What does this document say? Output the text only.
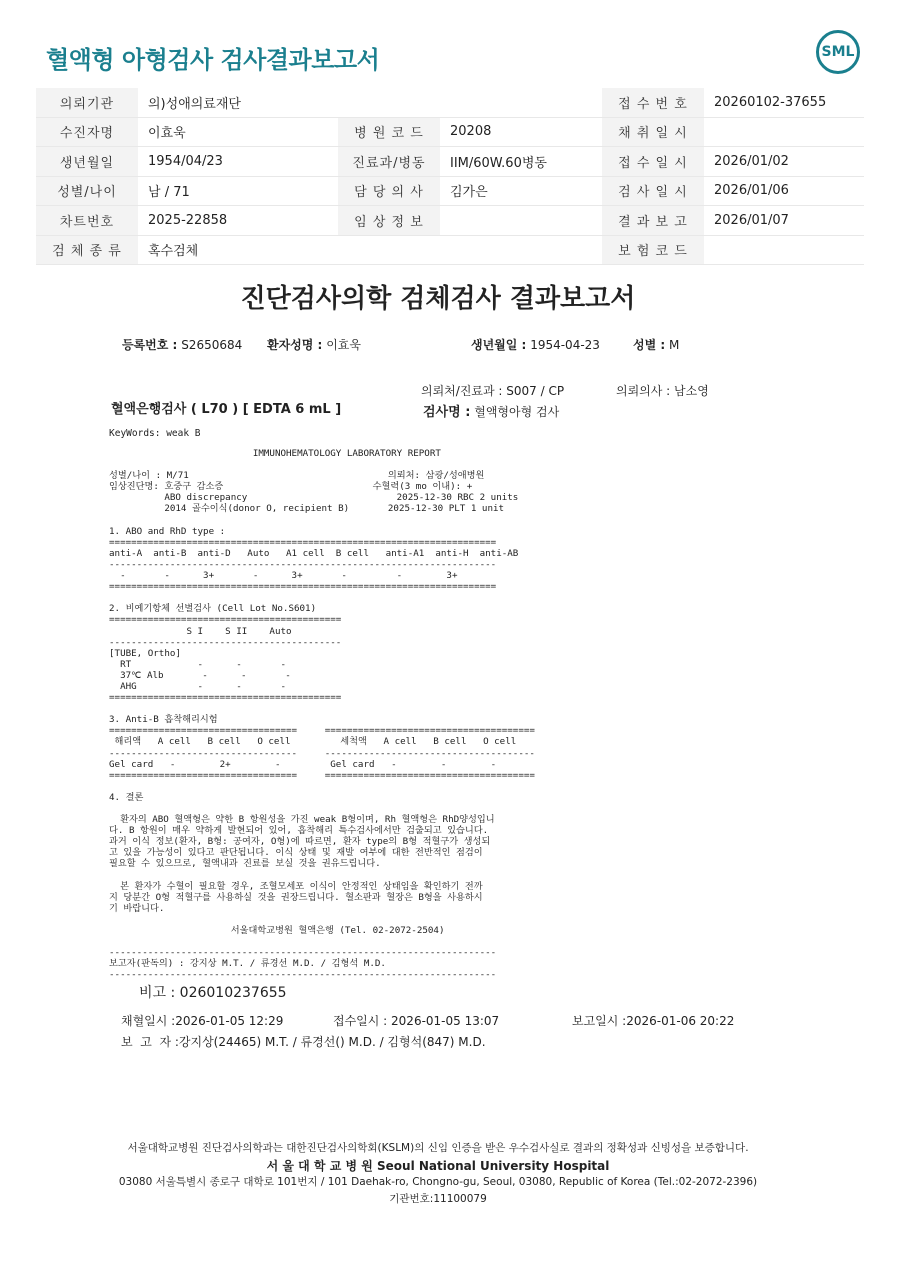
혈액형 아형검사 검사결과보고서	SML
의뢰기관	의)성애의료재단			접 수 번 호	20260102-37655
수진자명	이효욱	병 원 코 드	20208	채 취 일 시	
생년월일	1954/04/23	진료과/병동	IIM/60W.60병동	접 수 일 시	2026/01/02
성별/나이	남 / 71	담 당 의 사	김가은	검 사 일 시	2026/01/06
차트번호	2025-22858	임 상 정 보		결 과 보 고	2026/01/07
검 체 종 류	혹수검체			보 험 코 드	
진단검사의학 검체검사 결과보고서
등록번호 : S2650684 환자성명 : 이효욱	생년월일 : 1954-04-23	성별 : M
의뢰처/진료과 : S007 / CP	의뢰의사 : 남소영
혈액은행검사 ( L70 ) [ EDTA 6 mL ]	검사명 : 혈액형아형 검사
KeyWords: weak B
IMMUNOHEMATOLOGY LABORATORY REPORT
성별/나이 : M/71                                    의뢰처: 삼광/성애병원
임상진단명: 호중구 감소증                           수혈력(3 mo 이내): +
ABO discrepancy                           2025-12-30 RBC 2 units
2014 골수이식(donor O, recipient B)       2025-12-30 PLT 1 unit
1. ABO and RhD type :
======================================================================
anti-A  anti-B  anti-D   Auto   A1 cell  B cell   anti-A1  anti-H  anti-AB
----------------------------------------------------------------------
-       -      3+       -      3+       -         -        3+
======================================================================
2. 비예기항체 선별검사 (Cell Lot No.S601)
==========================================
S I    S II    Auto
------------------------------------------
[TUBE, Ortho]
RT            -      -       -
37℃ Alb       -      -       -
AHG           -      -       -
==========================================
3. Anti-B 흡착해리시험
==================================     ======================================
해리액   A cell   B cell   O cell         세척액   A cell   B cell   O cell
----------------------------------     --------------------------------------
Gel card   -        2+        -         Gel card   -        -        -
==================================     ======================================
4. 결론
환자의 ABO 혈액형은 약한 B 항원성을 가진 weak B형이며, Rh 혈액형은 RhD양성입니
다. B 항원이 매우 약하게 발현되어 있어, 흡착해리 특수검사에서만 검출되고 있습니다.
과거 이식 정보(환자, B형: 공여자, O형)에 따르면, 환자 type의 B형 적혈구가 생성되
고 있을 가능성이 있다고 판단됩니다. 이식 상태 및 재발 여부에 대한 전반적인 점검이
필요할 수 있으므로, 혈액내과 진료를 보실 것을 권유드립니다.
본 환자가 수혈이 필요할 경우, 조혈모세포 이식이 안정적인 상태임을 확인하기 전까
지 당분간 O형 적혈구를 사용하실 것을 권장드립니다. 혈소판과 혈장은 B형을 사용하시
기 바랍니다.
서울대학교병원 혈액은행 (Tel. 02-2072-2504)
----------------------------------------------------------------------
보고자(판독의) : 강지상 M.T. / 류경선 M.D. / 김형석 M.D.
----------------------------------------------------------------------
비고 : 026010237655
채혈일시 :2026-01-05 12:29	접수일시 : 2026-01-05 13:07	보고일시 :2026-01-06 20:22
보  고  자 :강지상(24465) M.T. / 류경선() M.D. / 김형석(847) M.D.
서울대학교병원 진단검사의학과는 대한진단검사의학회(KSLM)의 신임 인증을 받은 우수검사실로 결과의 정확성과 신빙성을 보증합니다.
서 울 대 학 교 병 원 Seoul National University Hospital
03080 서울특별시 종로구 대학로 101번지 / 101 Daehak-ro, Chongno-gu, Seoul, 03080, Republic of Korea (Tel.:02-2072-2396)
기관번호:11100079
